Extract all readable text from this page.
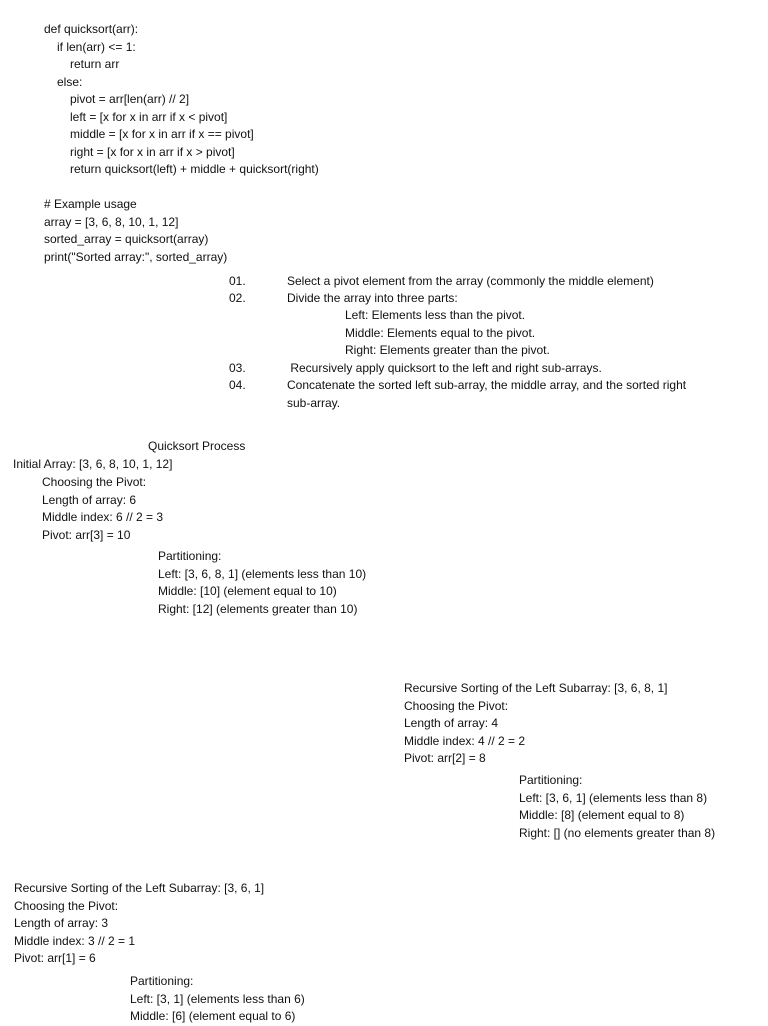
def quicksort(arr):
if len(arr) <= 1:
return arr
else:
pivot = arr[len(arr) // 2]
left = [x for x in arr if x < pivot]
middle = [x for x in arr if x == pivot]
right = [x for x in arr if x > pivot]
return quicksort(left) + middle + quicksort(right)
# Example usage
array = [3, 6, 8, 10, 1, 12]
sorted_array = quicksort(array)
print("Sorted array:", sorted_array)
01.	Select a pivot element from the array (commonly the middle element)
02.	Divide the array into three parts:
Left: Elements less than the pivot.
Middle: Elements equal to the pivot.
Right: Elements greater than the pivot.
03.	Recursively apply quicksort to the left and right sub-arrays.
04.	Concatenate the sorted left sub-array, the middle array, and the sorted right
sub-array.
Quicksort Process
Initial Array: [3, 6, 8, 10, 1, 12]
Choosing the Pivot:
Length of array: 6
Middle index: 6 // 2 = 3
Pivot: arr[3] = 10
Partitioning:
Left: [3, 6, 8, 1] (elements less than 10)
Middle: [10] (element equal to 10)
Right: [12] (elements greater than 10)
Recursive Sorting of the Left Subarray: [3, 6, 8, 1]
Choosing the Pivot:
Length of array: 4
Middle index: 4 // 2 = 2
Pivot: arr[2] = 8
Partitioning:
Left: [3, 6, 1] (elements less than 8)
Middle: [8] (element equal to 8)
Right: [] (no elements greater than 8)
Recursive Sorting of the Left Subarray: [3, 6, 1]
Choosing the Pivot:
Length of array: 3
Middle index: 3 // 2 = 1
Pivot: arr[1] = 6
Partitioning:
Left: [3, 1] (elements less than 6)
Middle: [6] (element equal to 6)
